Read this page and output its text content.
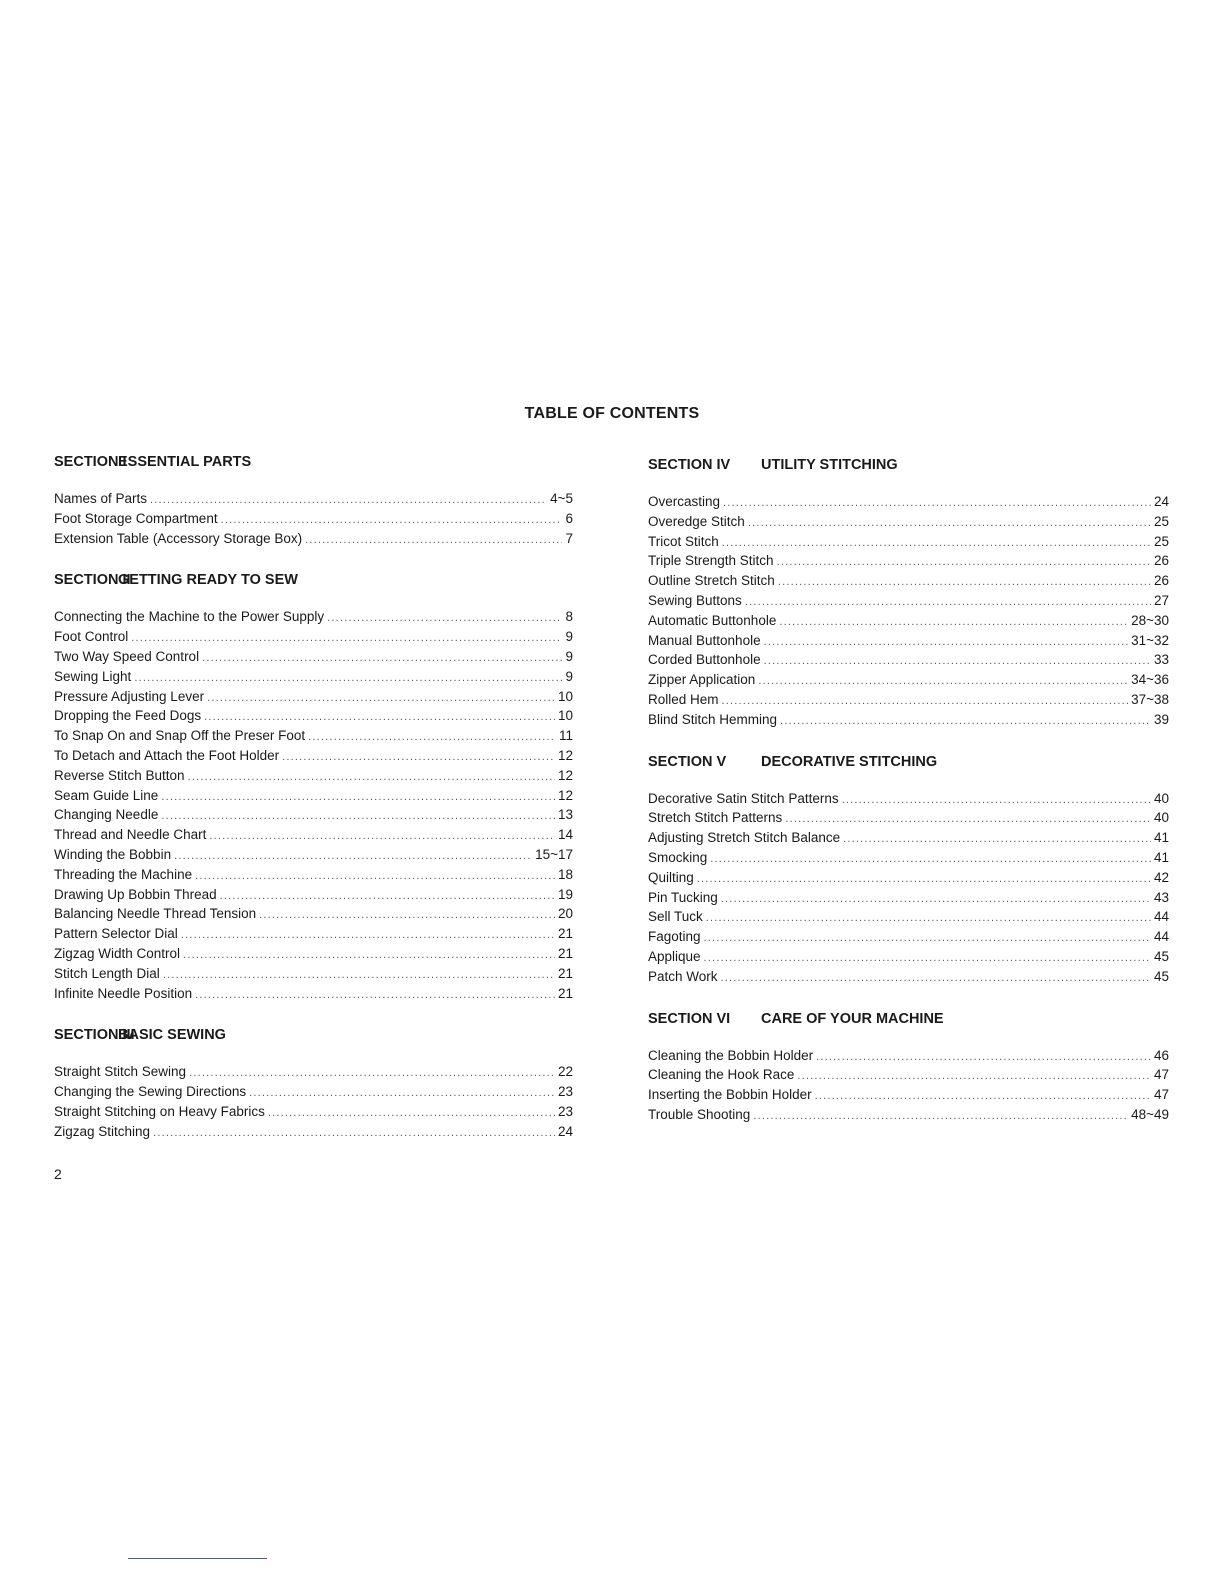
TABLE OF CONTENTS
SECTION IESSENTIAL PARTS
Names of Parts .....	4~5
Foot Storage Compartment .....	6
Extension Table (Accessory Storage Box) .....	7
SECTION IIGETTING READY TO SEW
Connecting the Machine to the Power Supply .....	8
Foot Control .....	9
Two Way Speed Control .....	9
Sewing Light .....	9
Pressure Adjusting Lever .....	10
Dropping the Feed Dogs .....	10
To Snap On and Snap Off the Preser Foot .....	11
To Detach and Attach the Foot Holder .....	12
Reverse Stitch Button .....	12
Seam Guide Line .....	12
Changing Needle .....	13
Thread and Needle Chart .....	14
Winding the Bobbin .....	15~17
Threading the Machine .....	18
Drawing Up Bobbin Thread .....	19
Balancing Needle Thread Tension .....	20
Pattern Selector Dial .....	21
Zigzag Width Control .....	21
Stitch Length Dial .....	21
Infinite Needle Position .....	21
SECTION IIIBASIC SEWING
Straight Stitch Sewing .....	22
Changing the Sewing Directions .....	23
Straight Stitching on Heavy Fabrics .....	23
Zigzag Stitching .....	24
SECTION IV UTILITY STITCHING
Overcasting .....	24
Overedge Stitch .....	25
Tricot Stitch .....	25
Triple Strength Stitch .....	26
Outline Stretch Stitch .....	26
Sewing Buttons .....	27
Automatic Buttonhole .....	28~30
Manual Buttonhole .....	31~32
Corded Buttonhole .....	33
Zipper Application .....	34~36
Rolled Hem .....	37~38
Blind Stitch Hemming .....	39
SECTION V DECORATIVE STITCHING
Decorative Satin Stitch Patterns .....	40
Stretch Stitch Patterns .....	40
Adjusting Stretch Stitch Balance .....	41
Smocking .....	41
Quilting .....	42
Pin Tucking .....	43
Sell Tuck .....	44
Fagoting .....	44
Applique .....	45
Patch Work .....	45
SECTION VI CARE OF YOUR MACHINE
Cleaning the Bobbin Holder .....	46
Cleaning the Hook Race .....	47
Inserting the Bobbin Holder .....	47
Trouble Shooting .....	48~49
2
